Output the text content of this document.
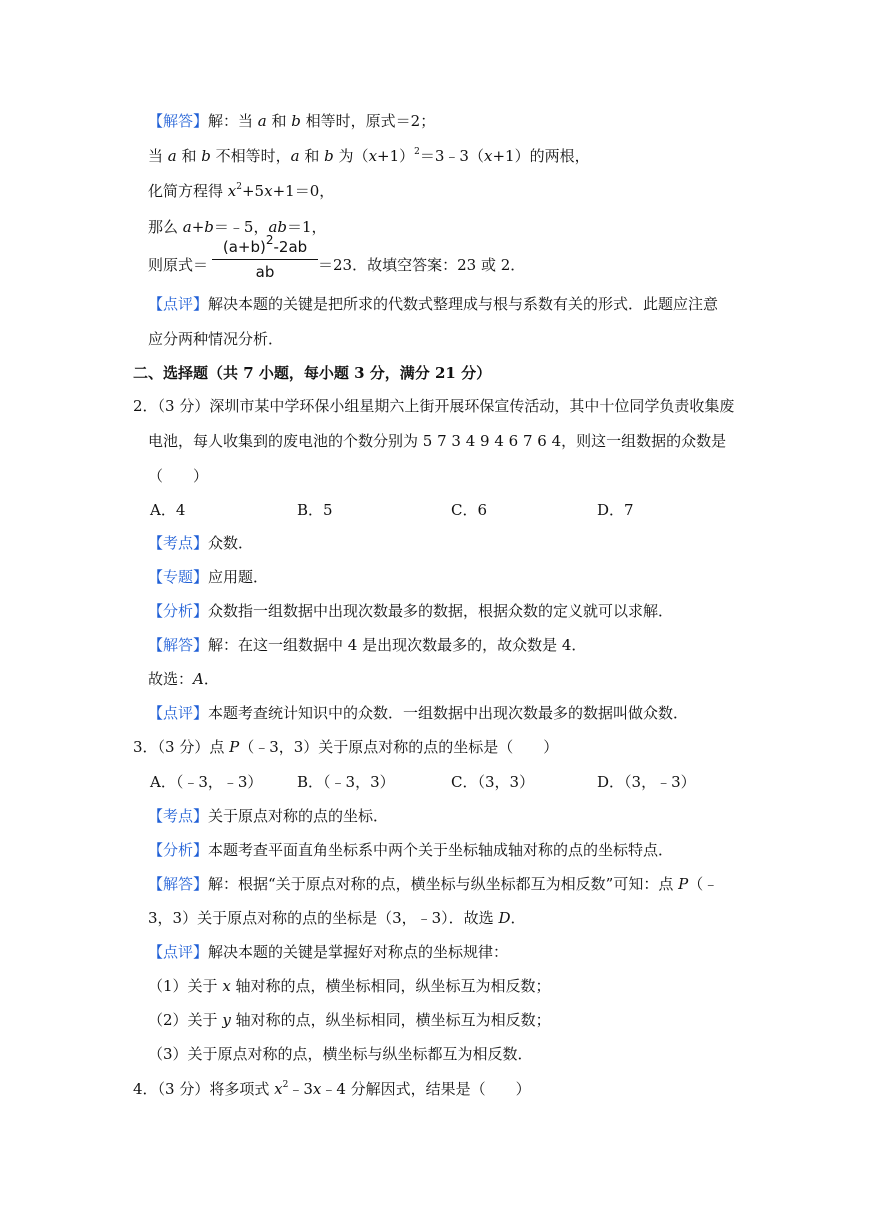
【解答】解：当 a 和 b 相等时，原式＝2；
当 a 和 b 不相等时，a 和 b 为$(x+1)^2=3﹣3(x+1)$的两根，
化简方程得 $x^2+5x+1=0$，
那么 a+b＝﹣5，ab＝1，
则原式＝
$(a+b)^2-2ab$
ab	＝23．故填空答案：23 或 2．
【点评】解决本题的关键是把所求的代数式整理成与根与系数有关的形式．此题应注意
应分两种情况分析．
二、选择题（共 7 小题，每小题 3 分，满分 21 分）
2．（3 分）深圳市某中学环保小组星期六上街开展环保宣传活动，其中十位同学负责收集废
电池，每人收集到的废电池的个数分别为 5 7 3 4 9 4 6 7 6 4，则这一组数据的众数是
（　　）
A．4	B．5	C．6	D．7
【考点】众数．
【专题】应用题．
【分析】众数指一组数据中出现次数最多的数据，根据众数的定义就可以求解．
【解答】解：在这一组数据中 4 是出现次数最多的，故众数是 4．
故选：A．
【点评】本题考查统计知识中的众数．一组数据中出现次数最多的数据叫做众数．
3．（3 分）点 P（﹣3，3）关于原点对称的点的坐标是（　　）
A．（﹣3，﹣3） B．（﹣3，3）	C．（3，3）	D．（3，﹣3）
【考点】关于原点对称的点的坐标．
【分析】本题考查平面直角坐标系中两个关于坐标轴成轴对称的点的坐标特点．
【解答】解：根据“关于原点对称的点，横坐标与纵坐标都互为相反数”可知：点 P（﹣
3，3）关于原点对称的点的坐标是（3，﹣3）．故选 D．
【点评】解决本题的关键是掌握好对称点的坐标规律：
（1）关于 x 轴对称的点，横坐标相同，纵坐标互为相反数；
（2）关于 y 轴对称的点，纵坐标相同，横坐标互为相反数；
（3）关于原点对称的点，横坐标与纵坐标都互为相反数．
4．（3 分）将多项式 $x^2﹣3x﹣4$ 分解因式，结果是（　　）
